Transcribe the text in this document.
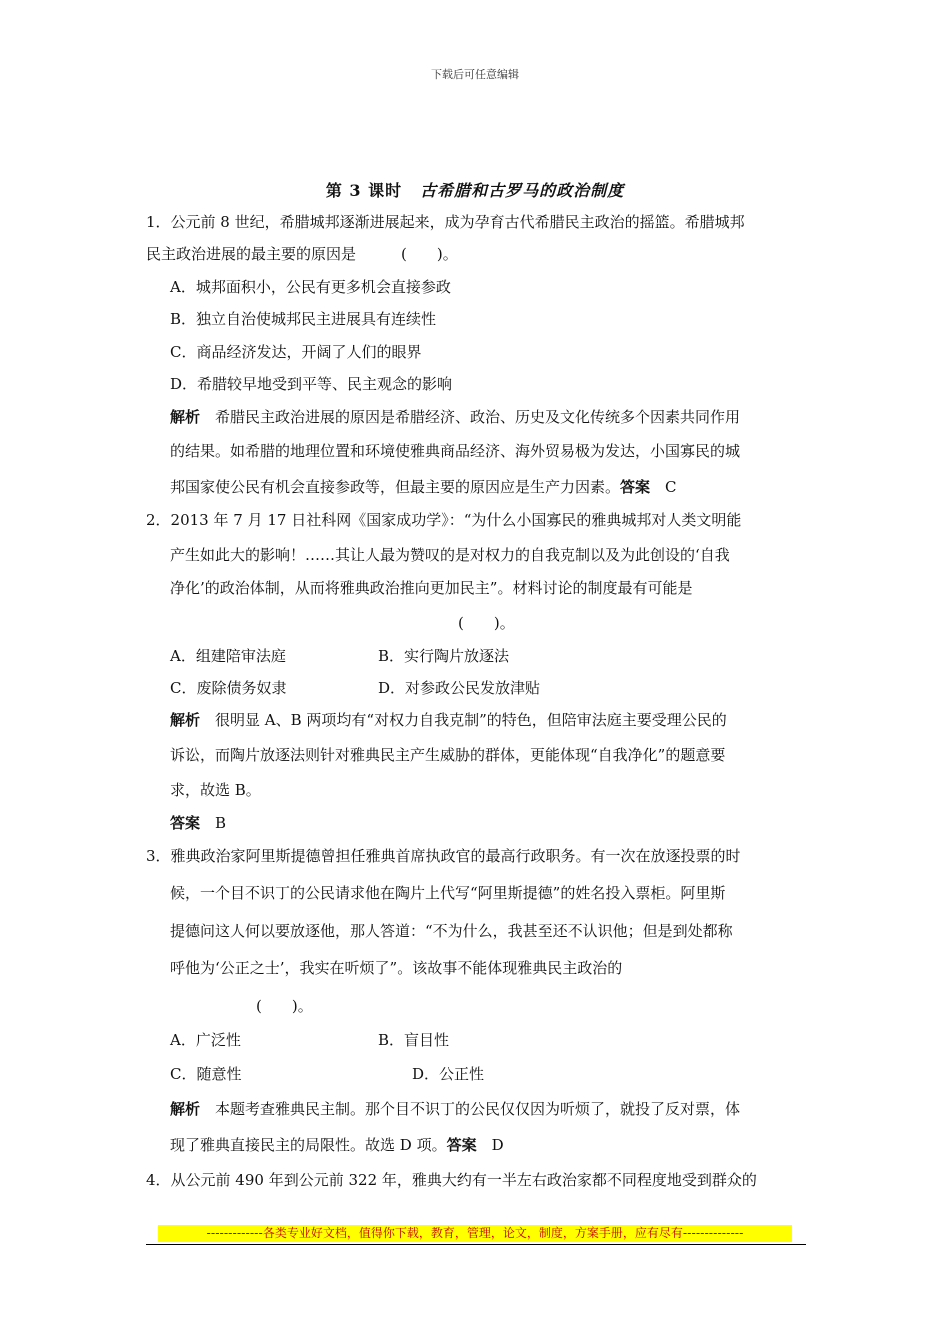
下载后可任意编辑
第 3 课时 古希腊和古罗马的政治制度
1．公元前 8 世纪，希腊城邦逐渐进展起来，成为孕育古代希腊民主政治的摇篮。希腊城邦
民主政治进展的最主要的原因是　　　(　　)。
A．城邦面积小，公民有更多机会直接参政
B．独立自治使城邦民主进展具有连续性
C．商品经济发达，开阔了人们的眼界
D．希腊较早地受到平等、民主观念的影响
解析　希腊民主政治进展的原因是希腊经济、政治、历史及文化传统多个因素共同作用
的结果。如希腊的地理位置和环境使雅典商品经济、海外贸易极为发达，小国寡民的城
邦国家使公民有机会直接参政等，但最主要的原因应是生产力因素。答案　C
2．2013 年 7 月 17 日社科网《国家成功学》：“为什么小国寡民的雅典城邦对人类文明能
产生如此大的影响！……其让人最为赞叹的是对权力的自我克制以及为此创设的‘自我
净化’的政治体制，从而将雅典政治推向更加民主”。材料讨论的制度最有可能是
(　　)。
A．组建陪审法庭	B．实行陶片放逐法
C．废除债务奴隶	D．对参政公民发放津贴
解析　很明显 A、B 两项均有“对权力自我克制”的特色，但陪审法庭主要受理公民的
诉讼，而陶片放逐法则针对雅典民主产生威胁的群体，更能体现“自我净化”的题意要
求，故选 B。
答案　B
3．雅典政治家阿里斯提德曾担任雅典首席执政官的最高行政职务。有一次在放逐投票的时
候，一个目不识丁的公民请求他在陶片上代写“阿里斯提德”的姓名投入票柜。阿里斯
提德问这人何以要放逐他，那人答道：“不为什么，我甚至还不认识他；但是到处都称
呼他为‘公正之士’，我实在听烦了”。该故事不能体现雅典民主政治的
(　　)。
A．广泛性	B．盲目性
C．随意性	D．公正性
解析　本题考查雅典民主制。那个目不识丁的公民仅仅因为听烦了，就投了反对票，体
现了雅典直接民主的局限性。故选 D 项。答案　D
4．从公元前 490 年到公元前 322 年，雅典大约有一半左右政治家都不同程度地受到群众的
-------------各类专业好文档，值得你下载，教育，管理，论文，制度，方案手册，应有尽有--------------
